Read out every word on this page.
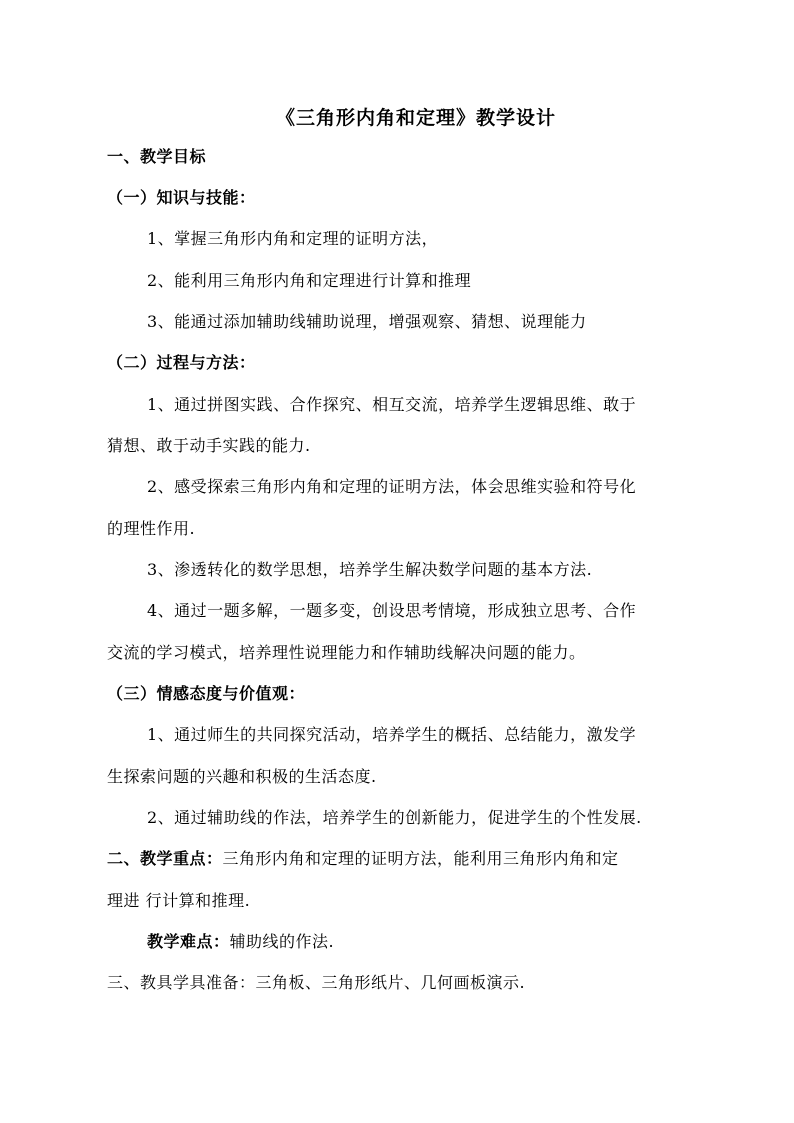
《三角形内角和定理》教学设计
一、教学目标
（一）知识与技能：
1、掌握三角形内角和定理的证明方法，
2、能利用三角形内角和定理进行计算和推理
3、能通过添加辅助线辅助说理，增强观察、猜想、说理能力
（二）过程与方法：
1、通过拼图实践、合作探究、相互交流，培养学生逻辑思维、敢于
猜想、敢于动手实践的能力.
2、感受探索三角形内角和定理的证明方法，体会思维实验和符号化
的理性作用.
3、渗透转化的数学思想，培养学生解决数学问题的基本方法.
4、通过一题多解，一题多变，创设思考情境，形成独立思考、合作
交流的学习模式，培养理性说理能力和作辅助线解决问题的能力。
（三）情感态度与价值观：
1、通过师生的共同探究活动，培养学生的概括、总结能力，激发学
生探索问题的兴趣和积极的生活态度.
2、通过辅助线的作法，培养学生的创新能力，促进学生的个性发展.
二、教学重点：三角形内角和定理的证明方法，能利用三角形内角和定
理进 行计算和推理.
教学难点：辅助线的作法.
三、教具学具准备：三角板、三角形纸片、几何画板演示.
